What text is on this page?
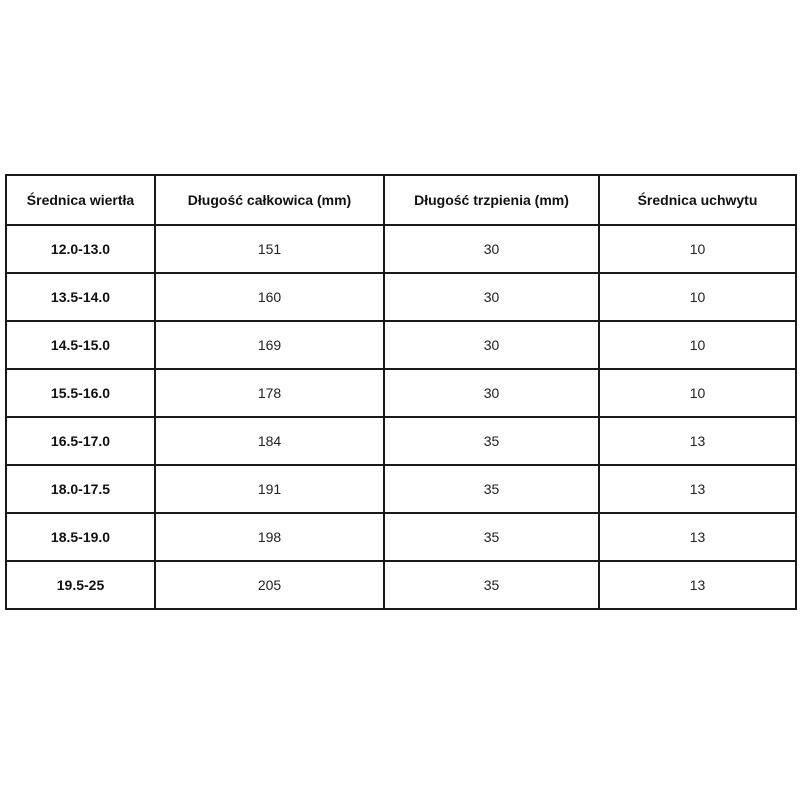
Średnica wiertła	Długość całkowica (mm)	Długość trzpienia (mm)	Średnica uchwytu
12.0-13.0	151	30	10
13.5-14.0	160	30	10
14.5-15.0	169	30	10
15.5-16.0	178	30	10
16.5-17.0	184	35	13
18.0-17.5	191	35	13
18.5-19.0	198	35	13
19.5-25	205	35	13
